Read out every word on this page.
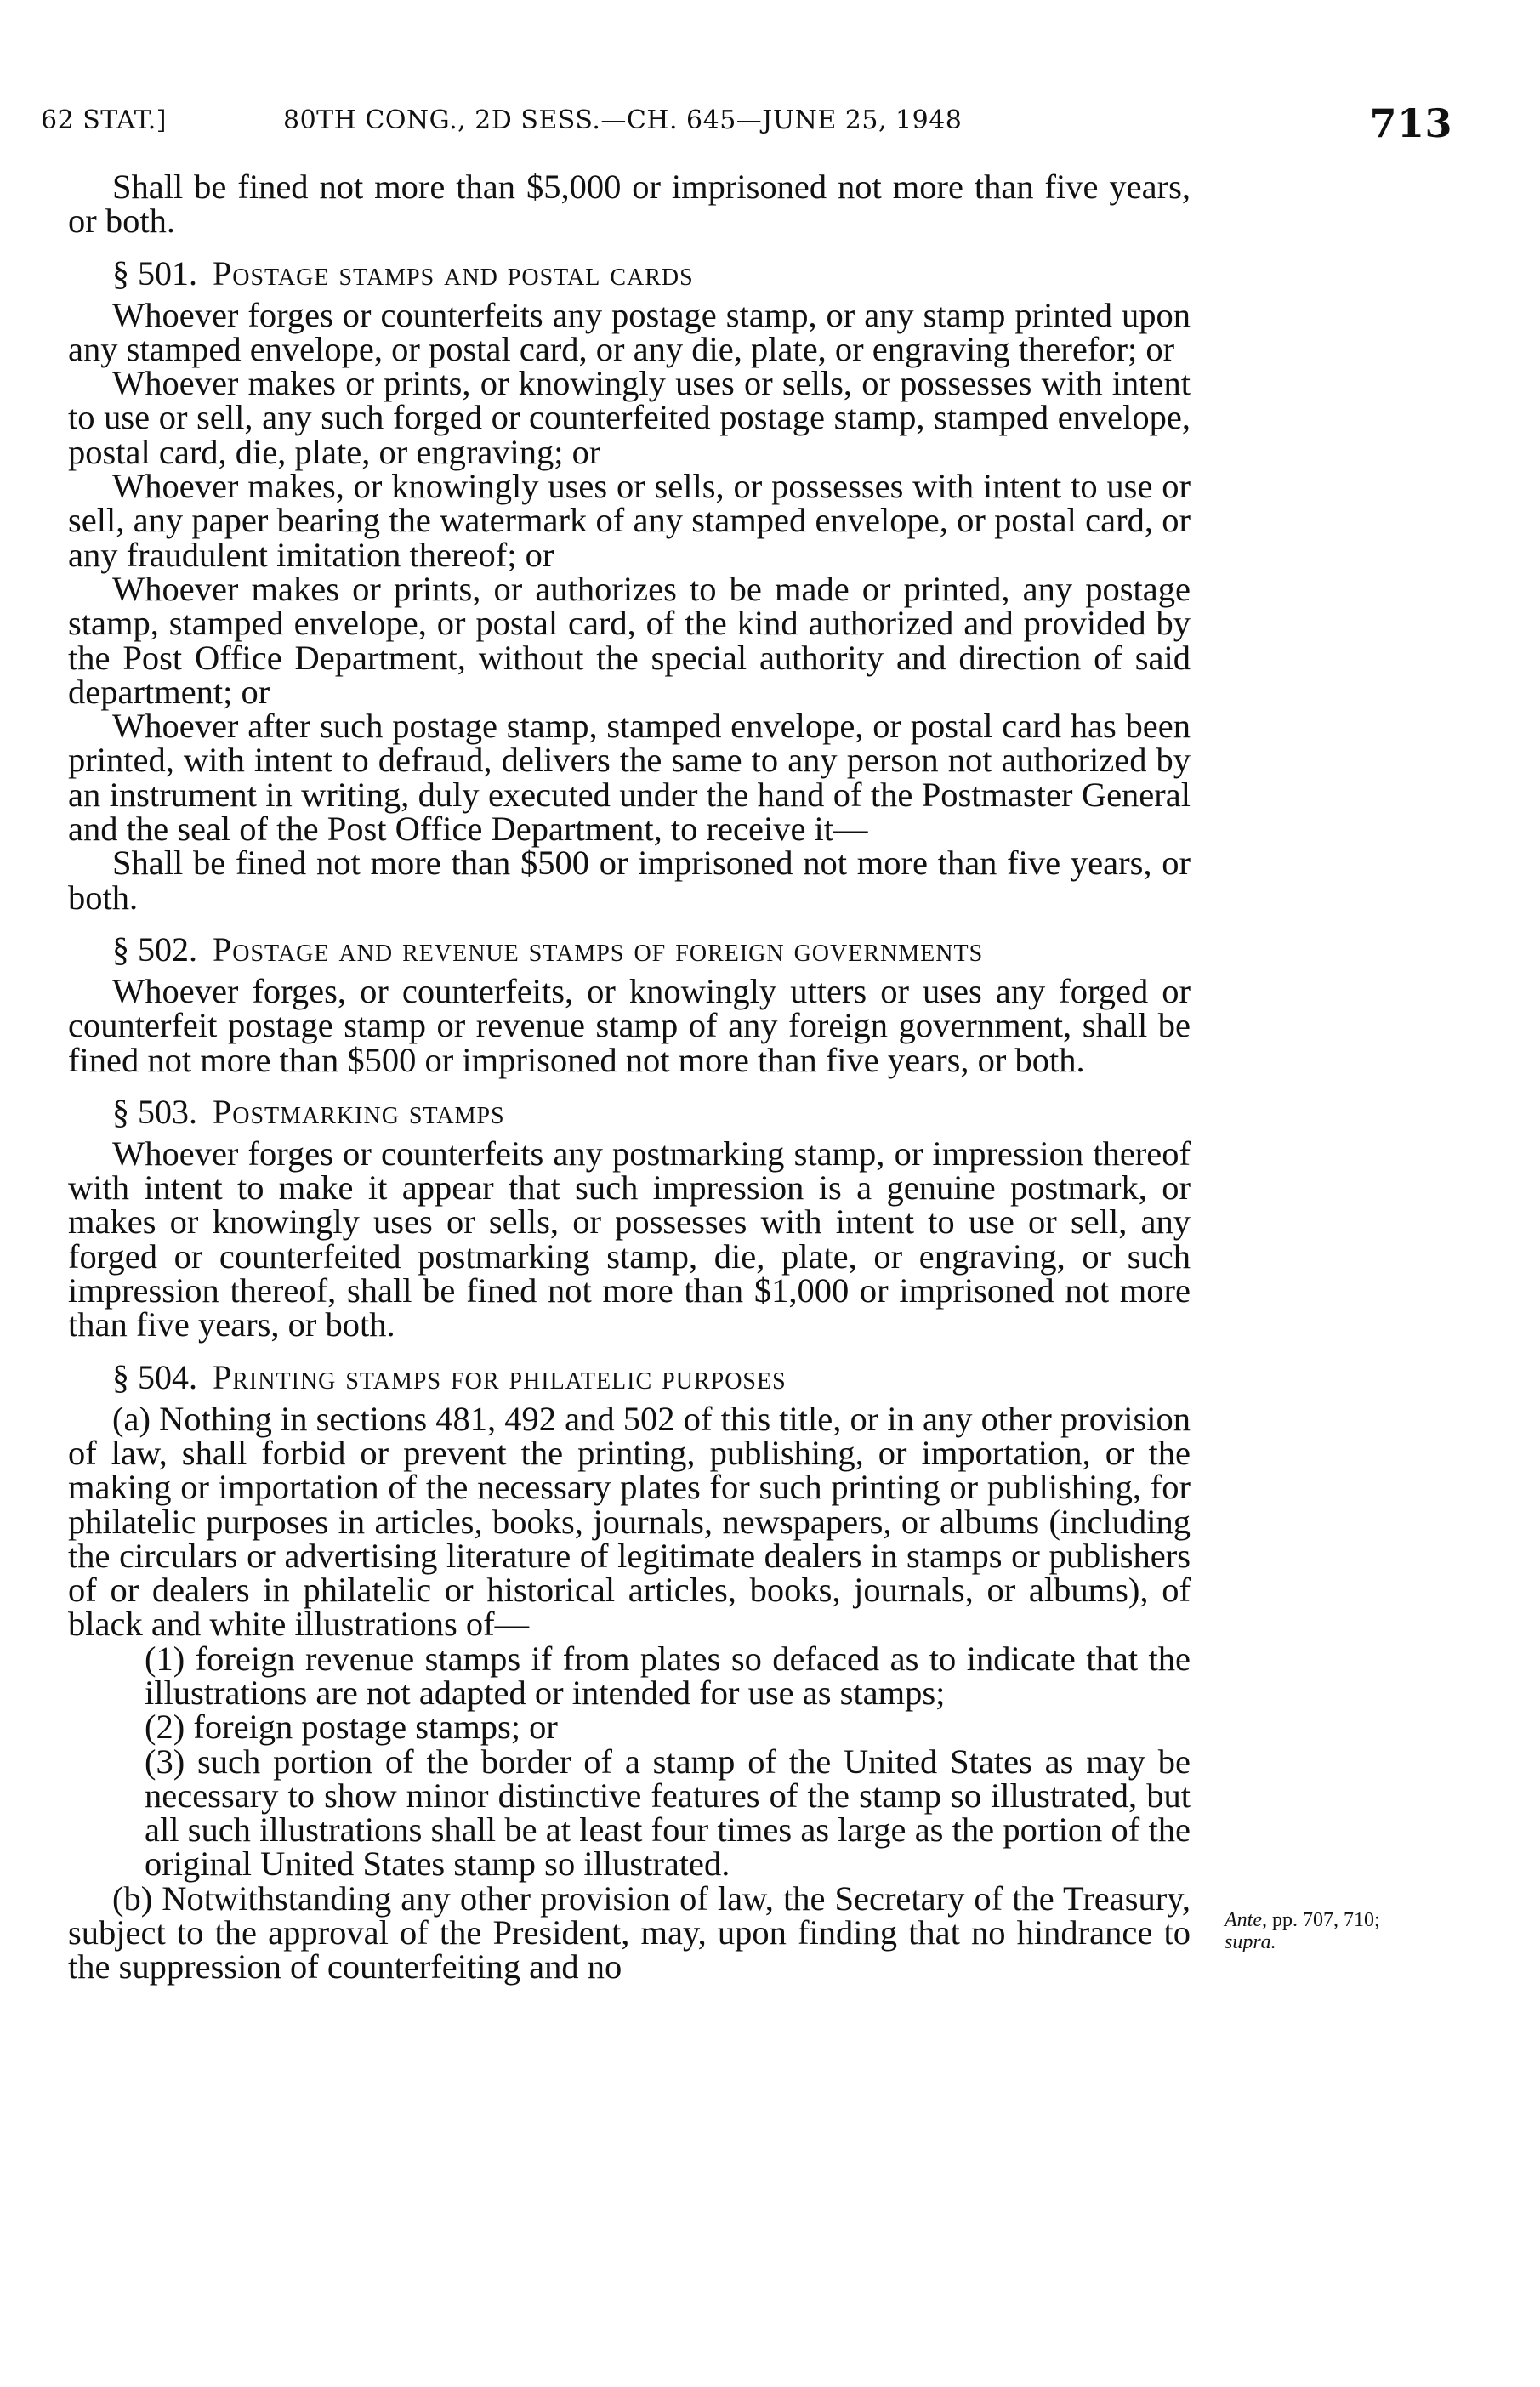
62 STAT.]	80TH CONG., 2D SESS.—CH. 645—JUNE 25, 1948	713

Shall be fined not more than $5,000 or imprisoned not more than five years, or both.

§ 501. Postage stamps and postal cards

Whoever forges or counterfeits any postage stamp, or any stamp printed upon any stamped envelope, or postal card, or any die, plate, or engraving therefor; or

Whoever makes or prints, or knowingly uses or sells, or possesses with intent to use or sell, any such forged or counterfeited postage stamp, stamped envelope, postal card, die, plate, or engraving; or

Whoever makes, or knowingly uses or sells, or possesses with intent to use or sell, any paper bearing the watermark of any stamped envelope, or postal card, or any fraudulent imitation thereof; or

Whoever makes or prints, or authorizes to be made or printed, any postage stamp, stamped envelope, or postal card, of the kind authorized and provided by the Post Office Department, without the special authority and direction of said department; or

Whoever after such postage stamp, stamped envelope, or postal card has been printed, with intent to defraud, delivers the same to any person not authorized by an instrument in writing, duly executed under the hand of the Postmaster General and the seal of the Post Office Department, to receive it—

Shall be fined not more than $500 or imprisoned not more than five years, or both.

§ 502. Postage and revenue stamps of foreign governments

Whoever forges, or counterfeits, or knowingly utters or uses any forged or counterfeit postage stamp or revenue stamp of any foreign government, shall be fined not more than $500 or imprisoned not more than five years, or both.

§ 503. Postmarking stamps

Whoever forges or counterfeits any postmarking stamp, or impression thereof with intent to make it appear that such impression is a genuine postmark, or makes or knowingly uses or sells, or possesses with intent to use or sell, any forged or counterfeited postmarking stamp, die, plate, or engraving, or such impression thereof, shall be fined not more than $1,000 or imprisoned not more than five years, or both.

§ 504. Printing stamps for philatelic purposes

(a) Nothing in sections 481, 492 and 502 of this title, or in any other provision of law, shall forbid or prevent the printing, publishing, or importation, or the making or importation of the necessary plates for such printing or publishing, for philatelic purposes in articles, books, journals, newspapers, or albums (including the circulars or advertising literature of legitimate dealers in stamps or publishers of or dealers in philatelic or historical articles, books, journals, or albums), of black and white illustrations of—

(1) foreign revenue stamps if from plates so defaced as to indicate that the illustrations are not adapted or intended for use as stamps;

(2) foreign postage stamps; or

(3) such portion of the border of a stamp of the United States as may be necessary to show minor distinctive features of the stamp so illustrated, but all such illustrations shall be at least four times as large as the portion of the original United States stamp so illustrated.

(b) Notwithstanding any other provision of law, the Secretary of the Treasury, subject to the approval of the President, may, upon finding that no hindrance to the suppression of counterfeiting and no

Ante, pp. 707, 710;
supra.
